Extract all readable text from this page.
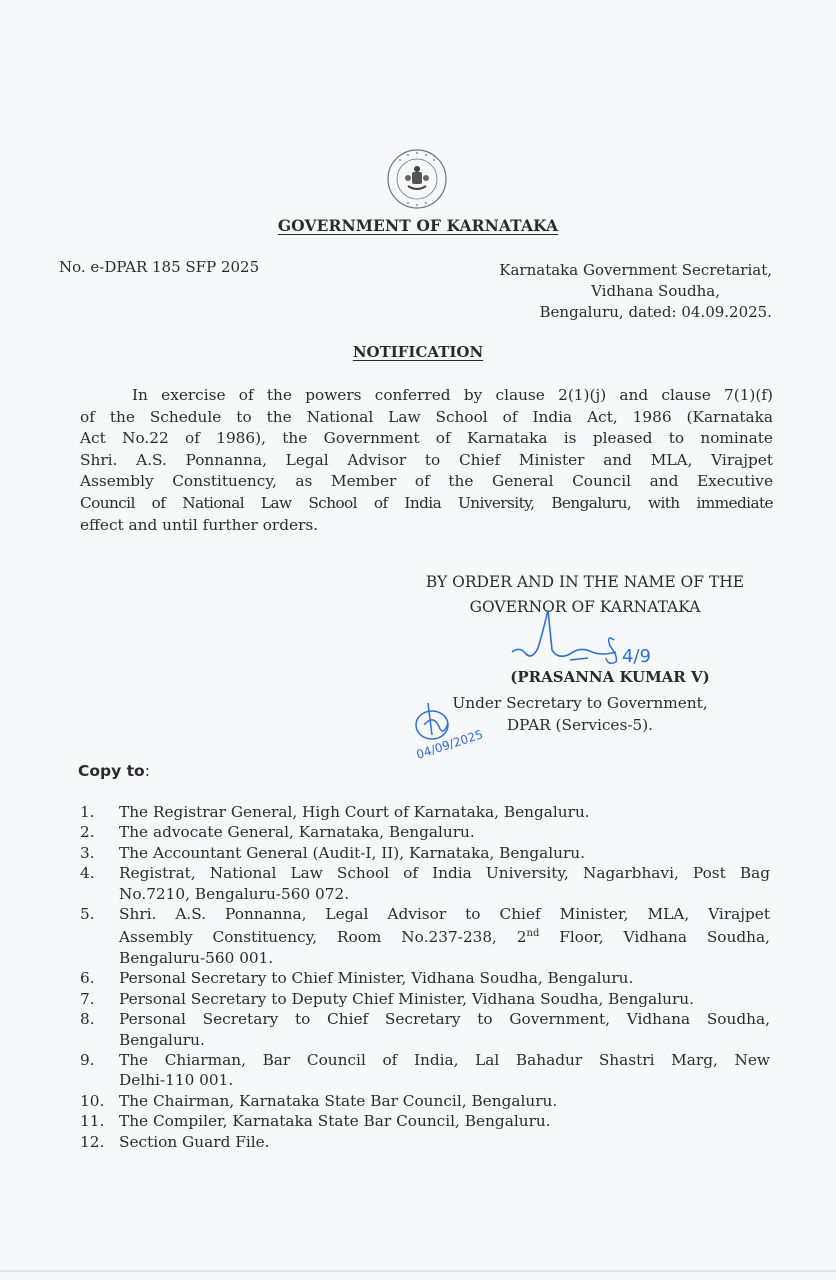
GOVERNMENT OF KARNATAKA
No. e-DPAR 185 SFP 2025	Karnataka Government Secretariat,
Vidhana Soudha,
Bengaluru, dated: 04.09.2025.
NOTIFICATION
In exercise of the powers conferred by clause 2(1)(j) and clause 7(1)(f)
of the Schedule to the National Law School of India Act, 1986 (Karnataka
Act No.22 of 1986), the Government of Karnataka is pleased to nominate
Shri. A.S. Ponnanna, Legal Advisor to Chief Minister and MLA, Virajpet
Assembly Constituency, as Member of the General Council and Executive
Council of National Law School of India University, Bengaluru, with immediate
effect and until further orders.
BY ORDER AND IN THE NAME OF THE
GOVERNOR OF KARNATAKA
4/9
(PRASANNA KUMAR V)
Under Secretary to Government,
DPAR (Services-5).
04/09/2025
Copy to:
1. The Registrar General, High Court of Karnataka, Bengaluru.
2. The advocate General, Karnataka, Bengaluru.
3. The Accountant General (Audit-I, II), Karnataka, Bengaluru.
4. Registrat, National Law School of India University, Nagarbhavi, Post Bag
No.7210, Bengaluru-560 072.
5. Shri. A.S. Ponnanna, Legal Advisor to Chief Minister, MLA, Virajpet
Assembly Constituency, Room No.237-238, 2nd Floor, Vidhana Soudha,
Bengaluru-560 001.
6. Personal Secretary to Chief Minister, Vidhana Soudha, Bengaluru.
7. Personal Secretary to Deputy Chief Minister, Vidhana Soudha, Bengaluru.
8. Personal Secretary to Chief Secretary to Government, Vidhana Soudha,
Bengaluru.
9. The Chiarman, Bar Council of India, Lal Bahadur Shastri Marg, New
Delhi-110 001.
10. The Chairman, Karnataka State Bar Council, Bengaluru.
11. The Compiler, Karnataka State Bar Council, Bengaluru.
12. Section Guard File.
